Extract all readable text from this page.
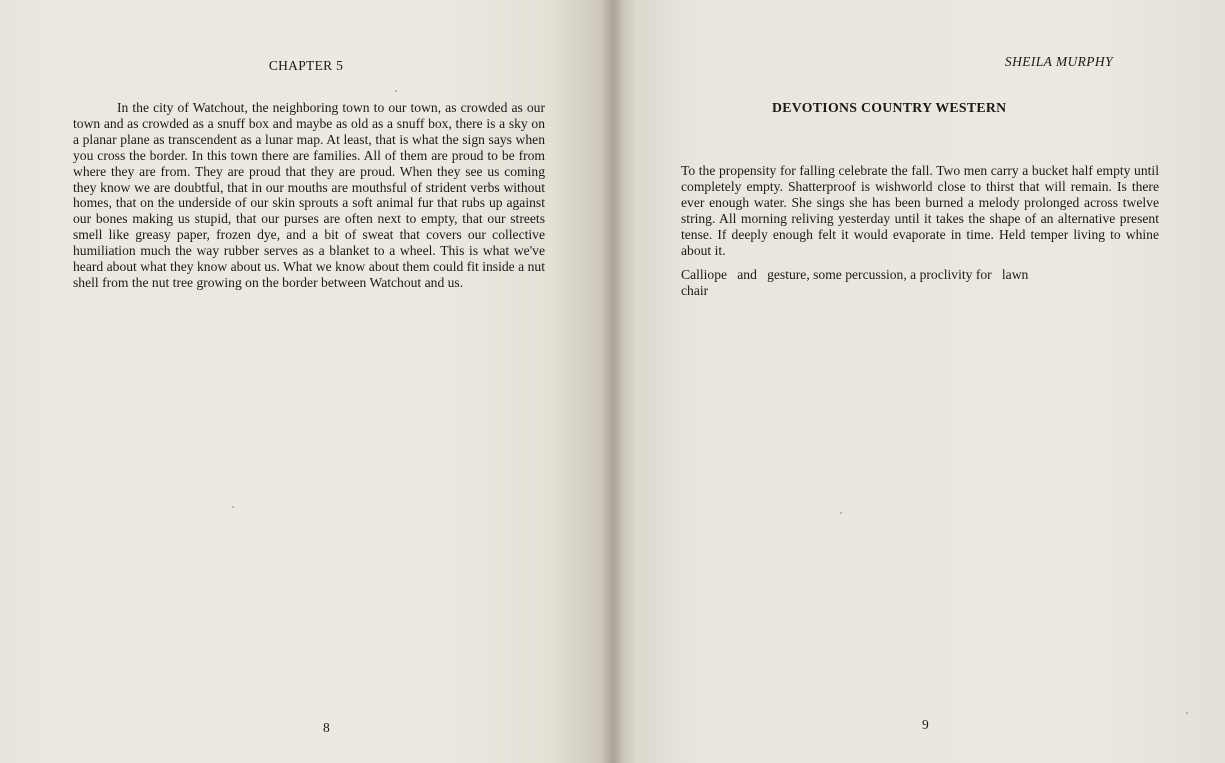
CHAPTER 5

In the city of Watchout, the neighboring town to our town, as crowded as our town and as crowded as a snuff box and maybe as old as a snuff box, there is a sky on a planar plane as transcendent as a lunar map. At least, that is what the sign says when you cross the border. In this town there are families. All of them are proud to be from where they are from. They are proud that they are proud. When they see us coming they know we are doubtful, that in our mouths are mouthsful of strident verbs without homes, that on the underside of our skin sprouts a soft animal fur that rubs up against our bones making us stupid, that our purses are often next to empty, that our streets smell like greasy paper, frozen dye, and a bit of sweat that covers our collective humiliation much the way rubber serves as a blanket to a wheel. This is what we've heard about what they know about us. What we know about them could fit inside a nut shell from the nut tree growing on the border between Watchout and us.

8

SHEILA MURPHY

DEVOTIONS COUNTRY WESTERN

To the propensity for falling celebrate the fall. Two men carry a bucket half empty until completely empty. Shatterproof is wishworld close to thirst that will remain. Is there ever enough water. She sings she has been burned a melody prolonged across twelve string. All morning reliving yesterday until it takes the shape of an alternative present tense. If deeply enough felt it would evaporate in time. Held temper living to whine about it.

Calliope   and   gesture, some percussion, a proclivity for   lawn
chair

9
